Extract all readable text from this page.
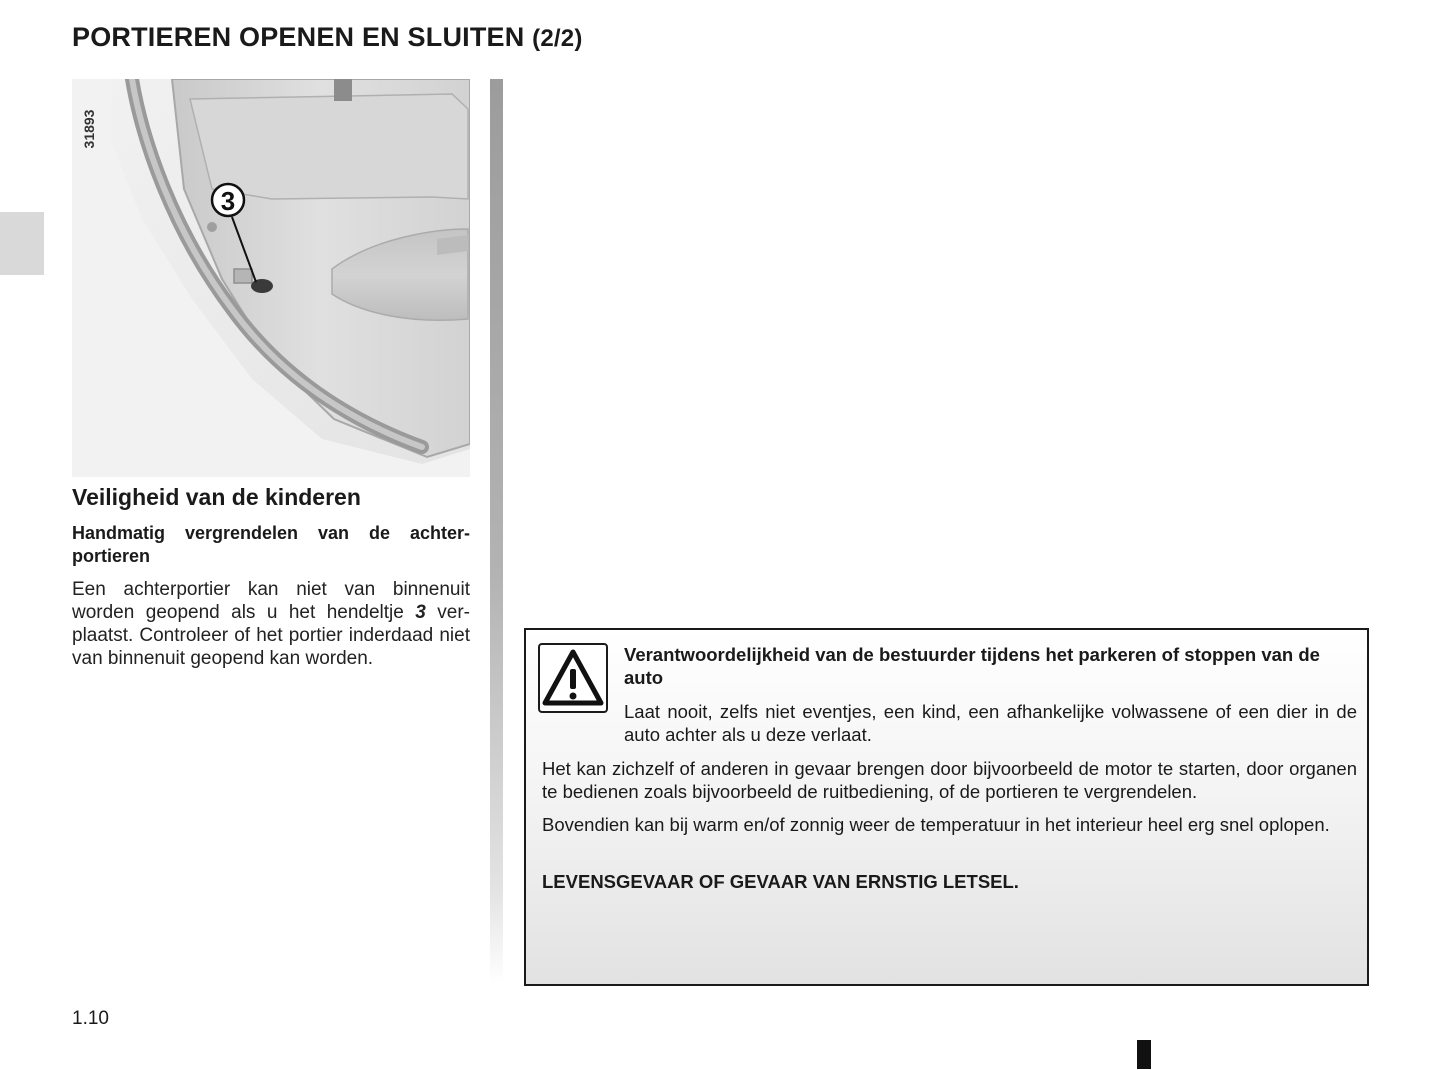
PORTIEREN OPENEN EN SLUITEN (2/2)
3
31893
Veiligheid van de kinderen
Handmatig vergrendelen van de achter-portieren
Een achterportier kan niet van binnenuit worden geopend als u het hendeltje 3 ver-plaatst. Controleer of het portier inderdaad niet van binnenuit geopend kan worden.	Verantwoordelijkheid van de bestuurder tijdens het parkeren of stoppen van de auto
Laat nooit, zelfs niet eventjes, een kind, een afhankelijke volwassene of een dier in de auto achter als u deze verlaat.
Het kan zichzelf of anderen in gevaar brengen door bijvoorbeeld de motor te starten, door organen te bedienen zoals bijvoorbeeld de ruitbediening, of de portieren te vergrendelen.
Bovendien kan bij warm en/of zonnig weer de temperatuur in het interieur heel erg snel oplopen.
LEVENSGEVAAR OF GEVAAR VAN ERNSTIG LETSEL.
1.10
